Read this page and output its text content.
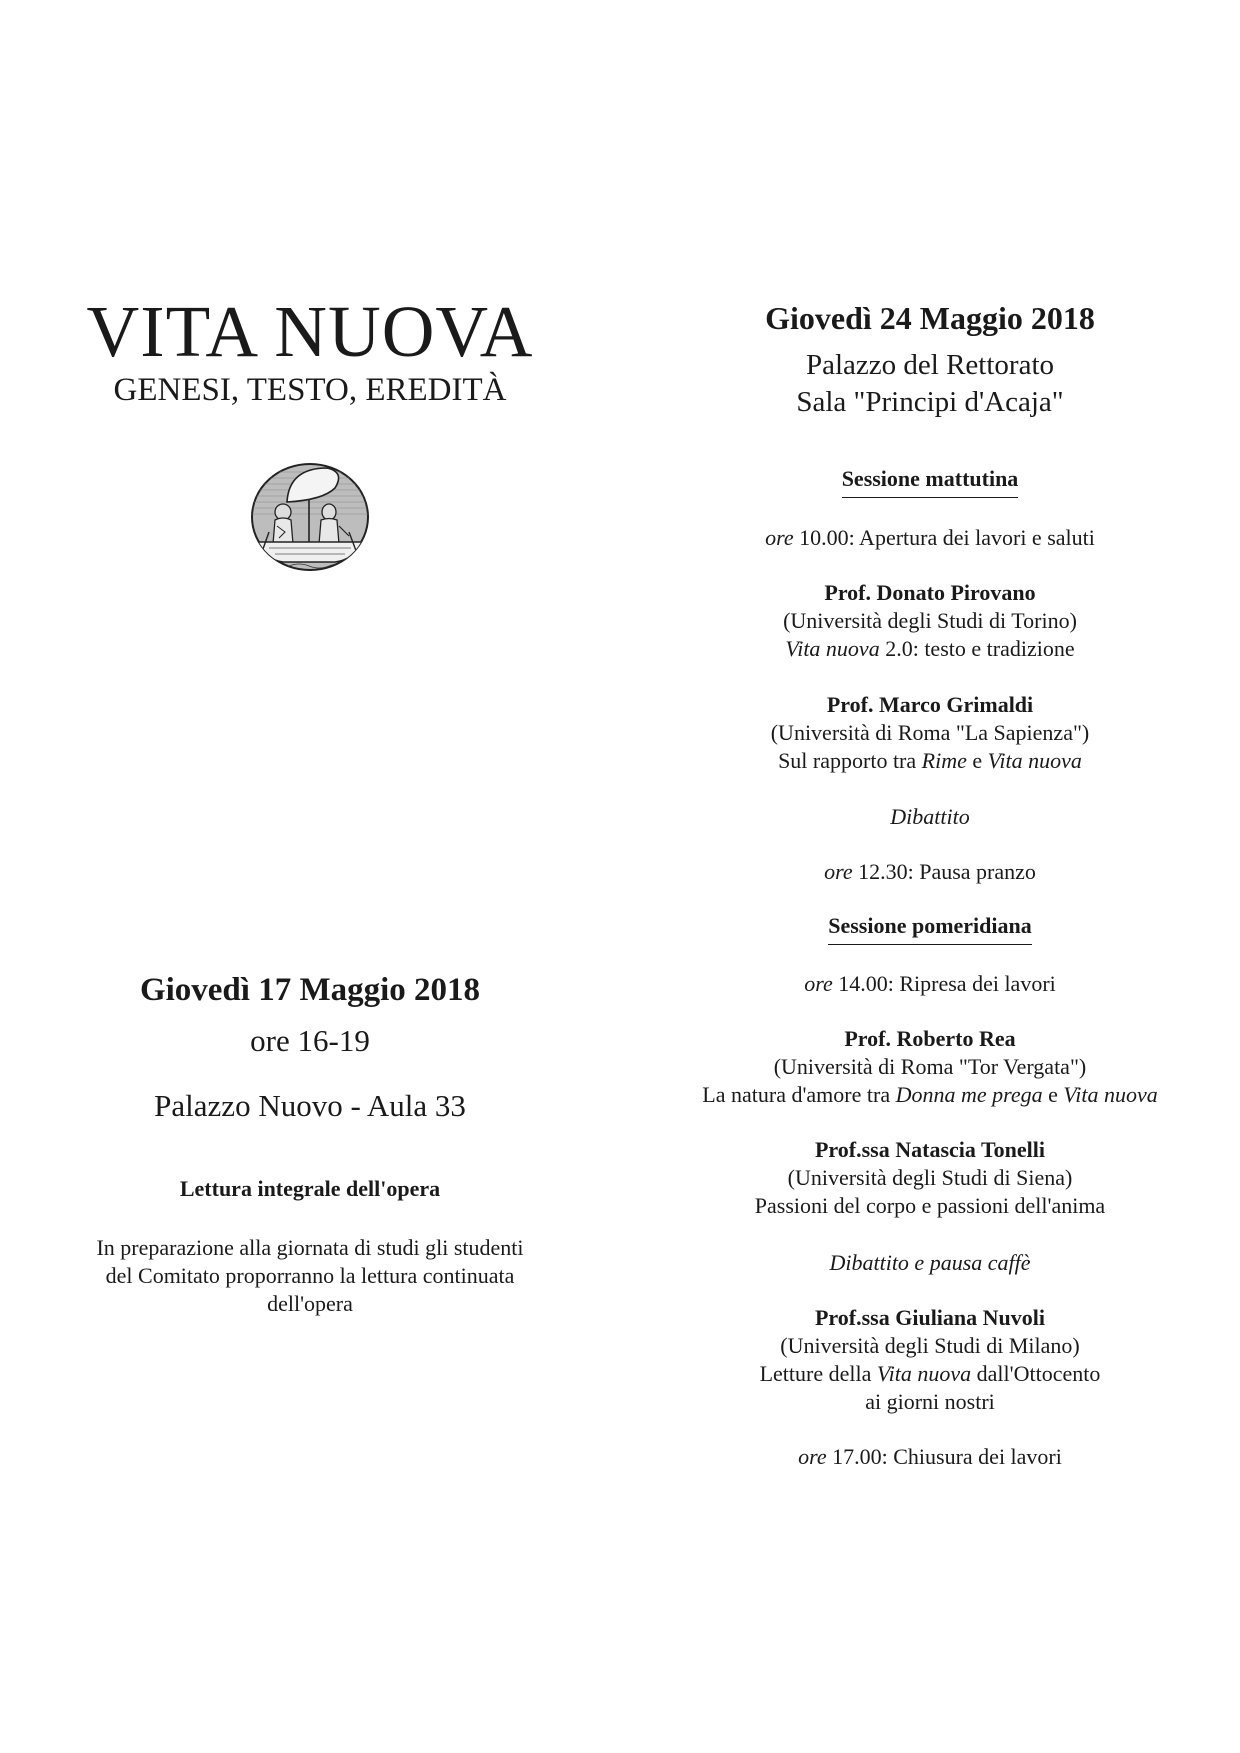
VITA NUOVA
GENESI, TESTO, EREDITÀ
Giovedì 17 Maggio 2018
ore 16-19
Palazzo Nuovo - Aula 33
Lettura integrale dell'opera
In preparazione alla giornata di studi gli studenti
del Comitato proporranno la lettura continuata
dell'opera
Giovedì 24 Maggio 2018
Palazzo del Rettorato
Sala "Principi d'Acaja"
Sessione mattutina
ore 10.00: Apertura dei lavori e saluti
Prof. Donato Pirovano
(Università degli Studi di Torino)
Vita nuova 2.0: testo e tradizione
Prof. Marco Grimaldi
(Università di Roma "La Sapienza")
Sul rapporto tra Rime e Vita nuova
Dibattito
ore 12.30: Pausa pranzo
Sessione pomeridiana
ore 14.00: Ripresa dei lavori
Prof. Roberto Rea
(Università di Roma "Tor Vergata")
La natura d'amore tra Donna me prega e Vita nuova
Prof.ssa Natascia Tonelli
(Università degli Studi di Siena)
Passioni del corpo e passioni dell'anima
Dibattito e pausa caffè
Prof.ssa Giuliana Nuvoli
(Università degli Studi di Milano)
Letture della Vita nuova dall'Ottocento
ai giorni nostri
ore 17.00: Chiusura dei lavori
